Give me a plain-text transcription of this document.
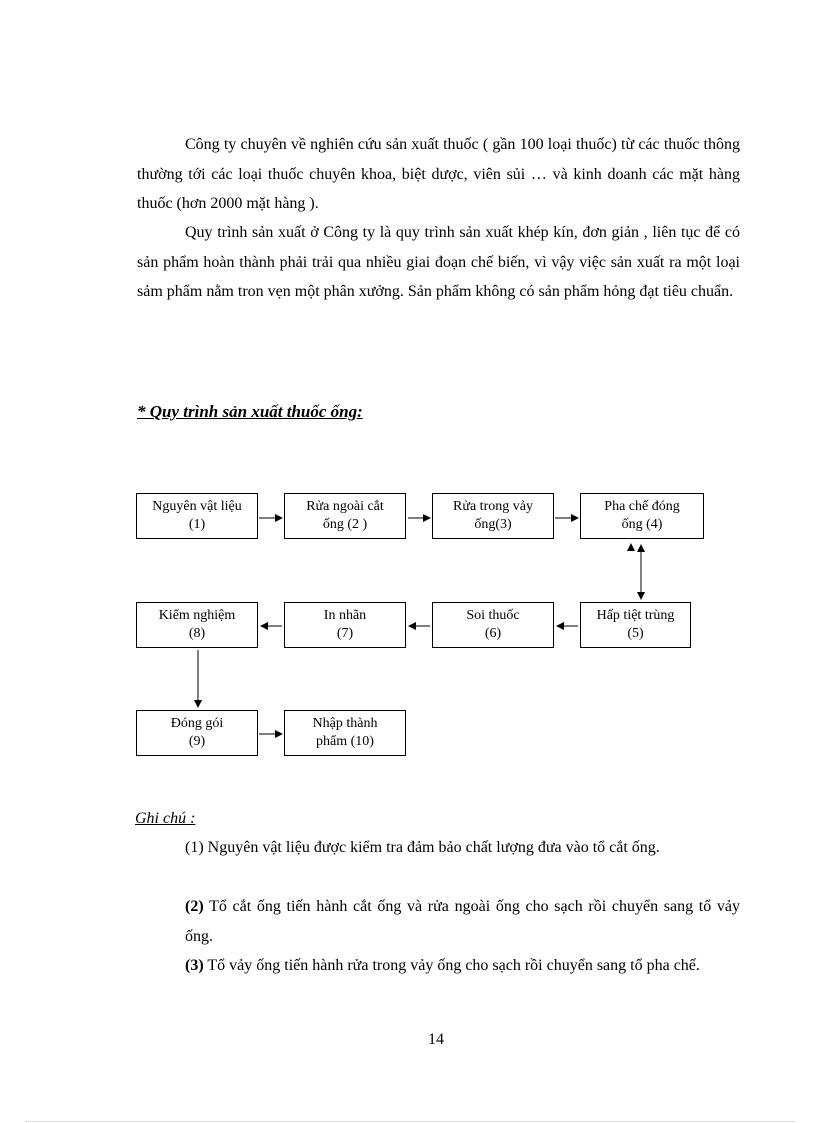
Công ty chuyên về nghiên cứu sản xuất thuốc ( gần 100 loại thuốc) từ các thuốc thông thường tới các loại thuốc chuyên khoa, biệt dược, viên sủi … và kinh doanh các mặt hàng thuốc (hơn 2000 mặt hàng ).

Quy trình sản xuất ở Công ty là quy trình sản xuất khép kín, đơn giản , liên tục để có sản phẩm hoàn thành phải trải qua nhiều giai đoạn chế biến, vì vậy việc sản xuất ra một loại sảm phẩm nằm tron vẹn một phân xưởng. Sản phẩm không có sản phẩm hỏng đạt tiêu chuẩn.

* Quy trình sản xuất thuốc ống:

Nguyên vật liệu (1)
Rửa ngoài cắt ống (2 )
Rửa trong vảy ống(3)
Pha chế đóng ống (4)
Hấp tiệt trùng (5)
Soi thuốc (6)
In nhãn (7)
Kiểm nghiệm (8)
Đóng gói (9)
Nhập thành phẩm (10)

Ghi chú :

(1) Nguyên vật liệu được kiểm tra đảm bảo chất lượng đưa vào tổ cắt ống.

(2) Tổ cắt ống tiến hành cắt ống và rửa ngoài ống cho sạch rồi chuyển sang tổ vảy ống.

(3) Tổ vảy ống tiến hành rửa trong vảy ống cho sạch rồi chuyển sang tổ pha chế.

14
